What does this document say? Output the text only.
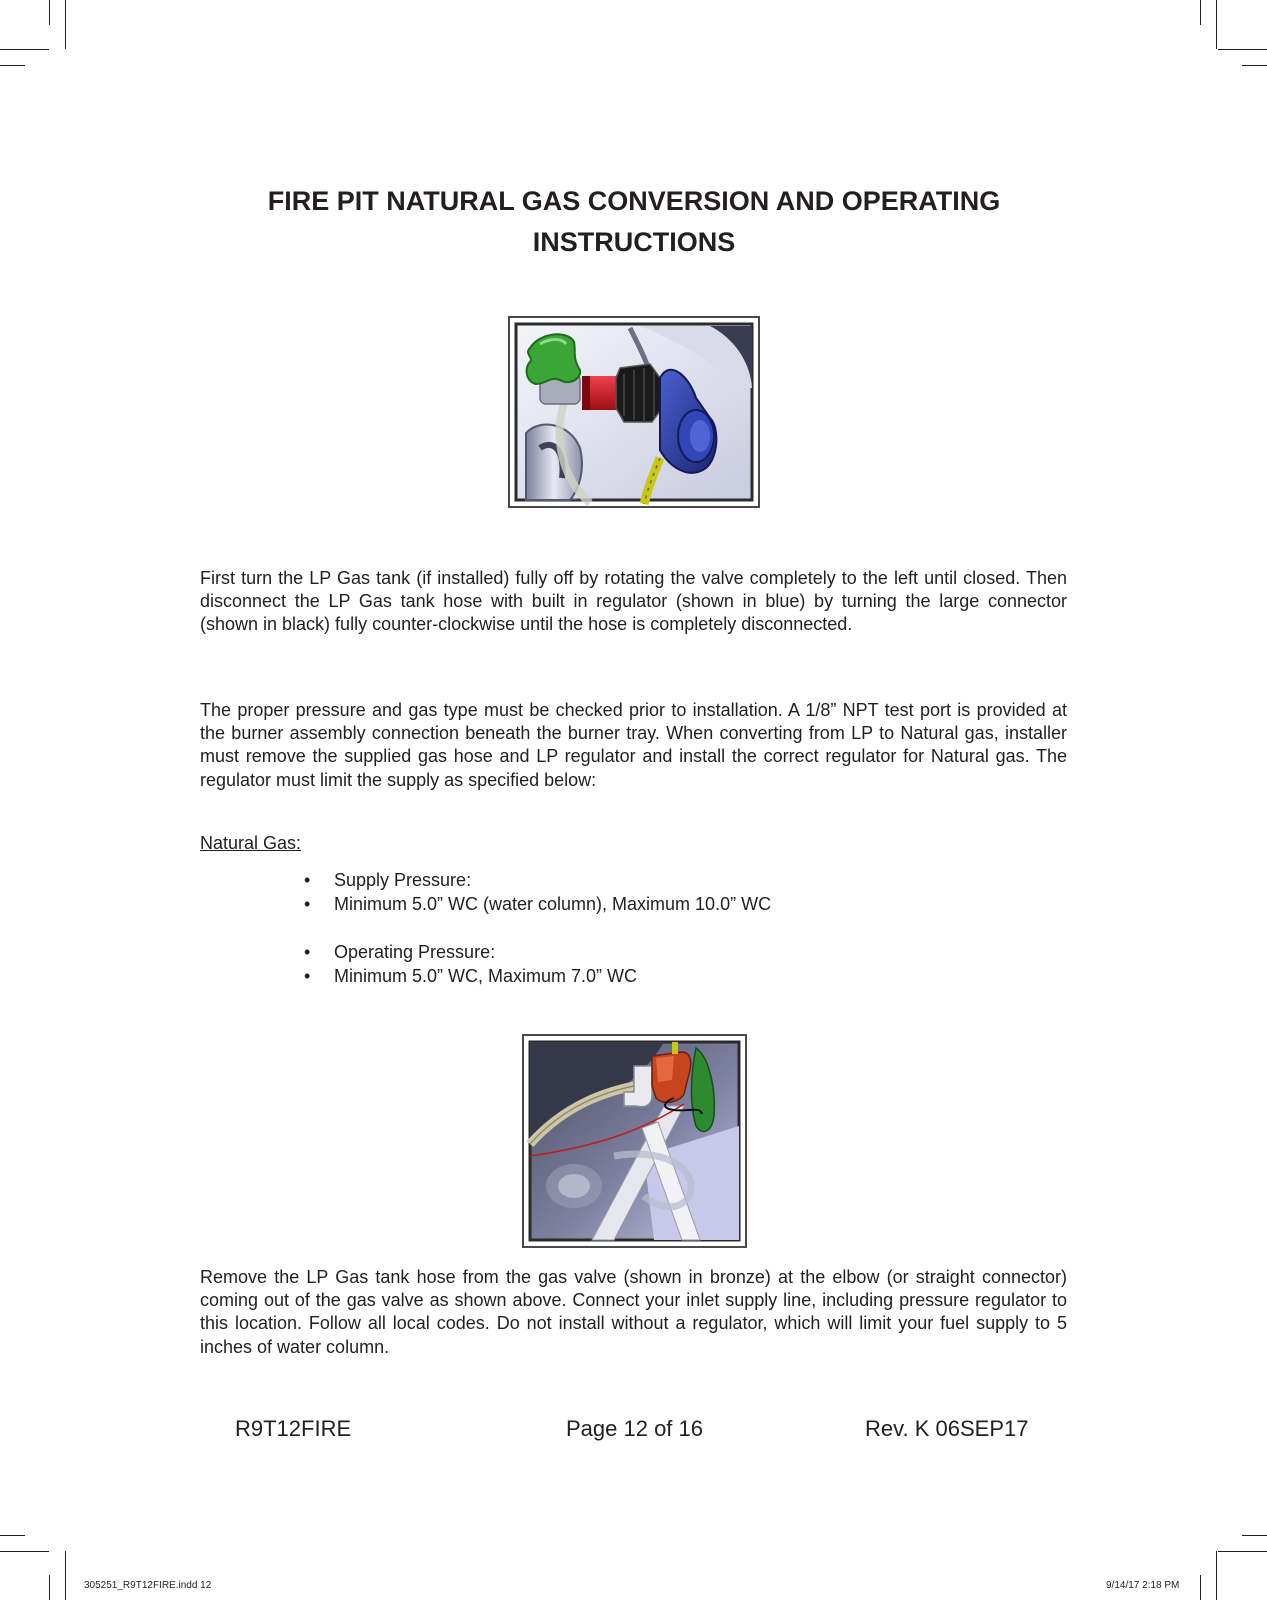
FIRE PIT NATURAL GAS CONVERSION AND OPERATING
INSTRUCTIONS

First turn the LP Gas tank (if installed) fully off by rotating the valve completely to the left until closed. Then disconnect the LP Gas tank hose with built in regulator (shown in blue) by turning the large connector (shown in black) fully counter-clockwise until the hose is completely disconnected.

The proper pressure and gas type must be checked prior to installation. A 1/8” NPT test port is provided at the burner assembly connection beneath the burner tray. When converting from LP to Natural gas, installer must remove the supplied gas hose and LP regulator and install the correct regulator for Natural gas. The regulator must limit the supply as specified below:

Natural Gas:

• Supply Pressure:
• Minimum 5.0” WC (water column), Maximum 10.0” WC
• Operating Pressure:
• Minimum 5.0” WC, Maximum 7.0” WC

Remove the LP Gas tank hose from the gas valve (shown in bronze) at the elbow (or straight connector) coming out of the gas valve as shown above. Connect your inlet supply line, including pressure regulator to this location. Follow all local codes. Do not install without a regulator, which will limit your fuel supply to 5 inches of water column.

R9T12FIRE	Page 12 of 16	Rev. K 06SEP17
305251_R9T12FIRE.indd 12	9/14/17 2:18 PM
